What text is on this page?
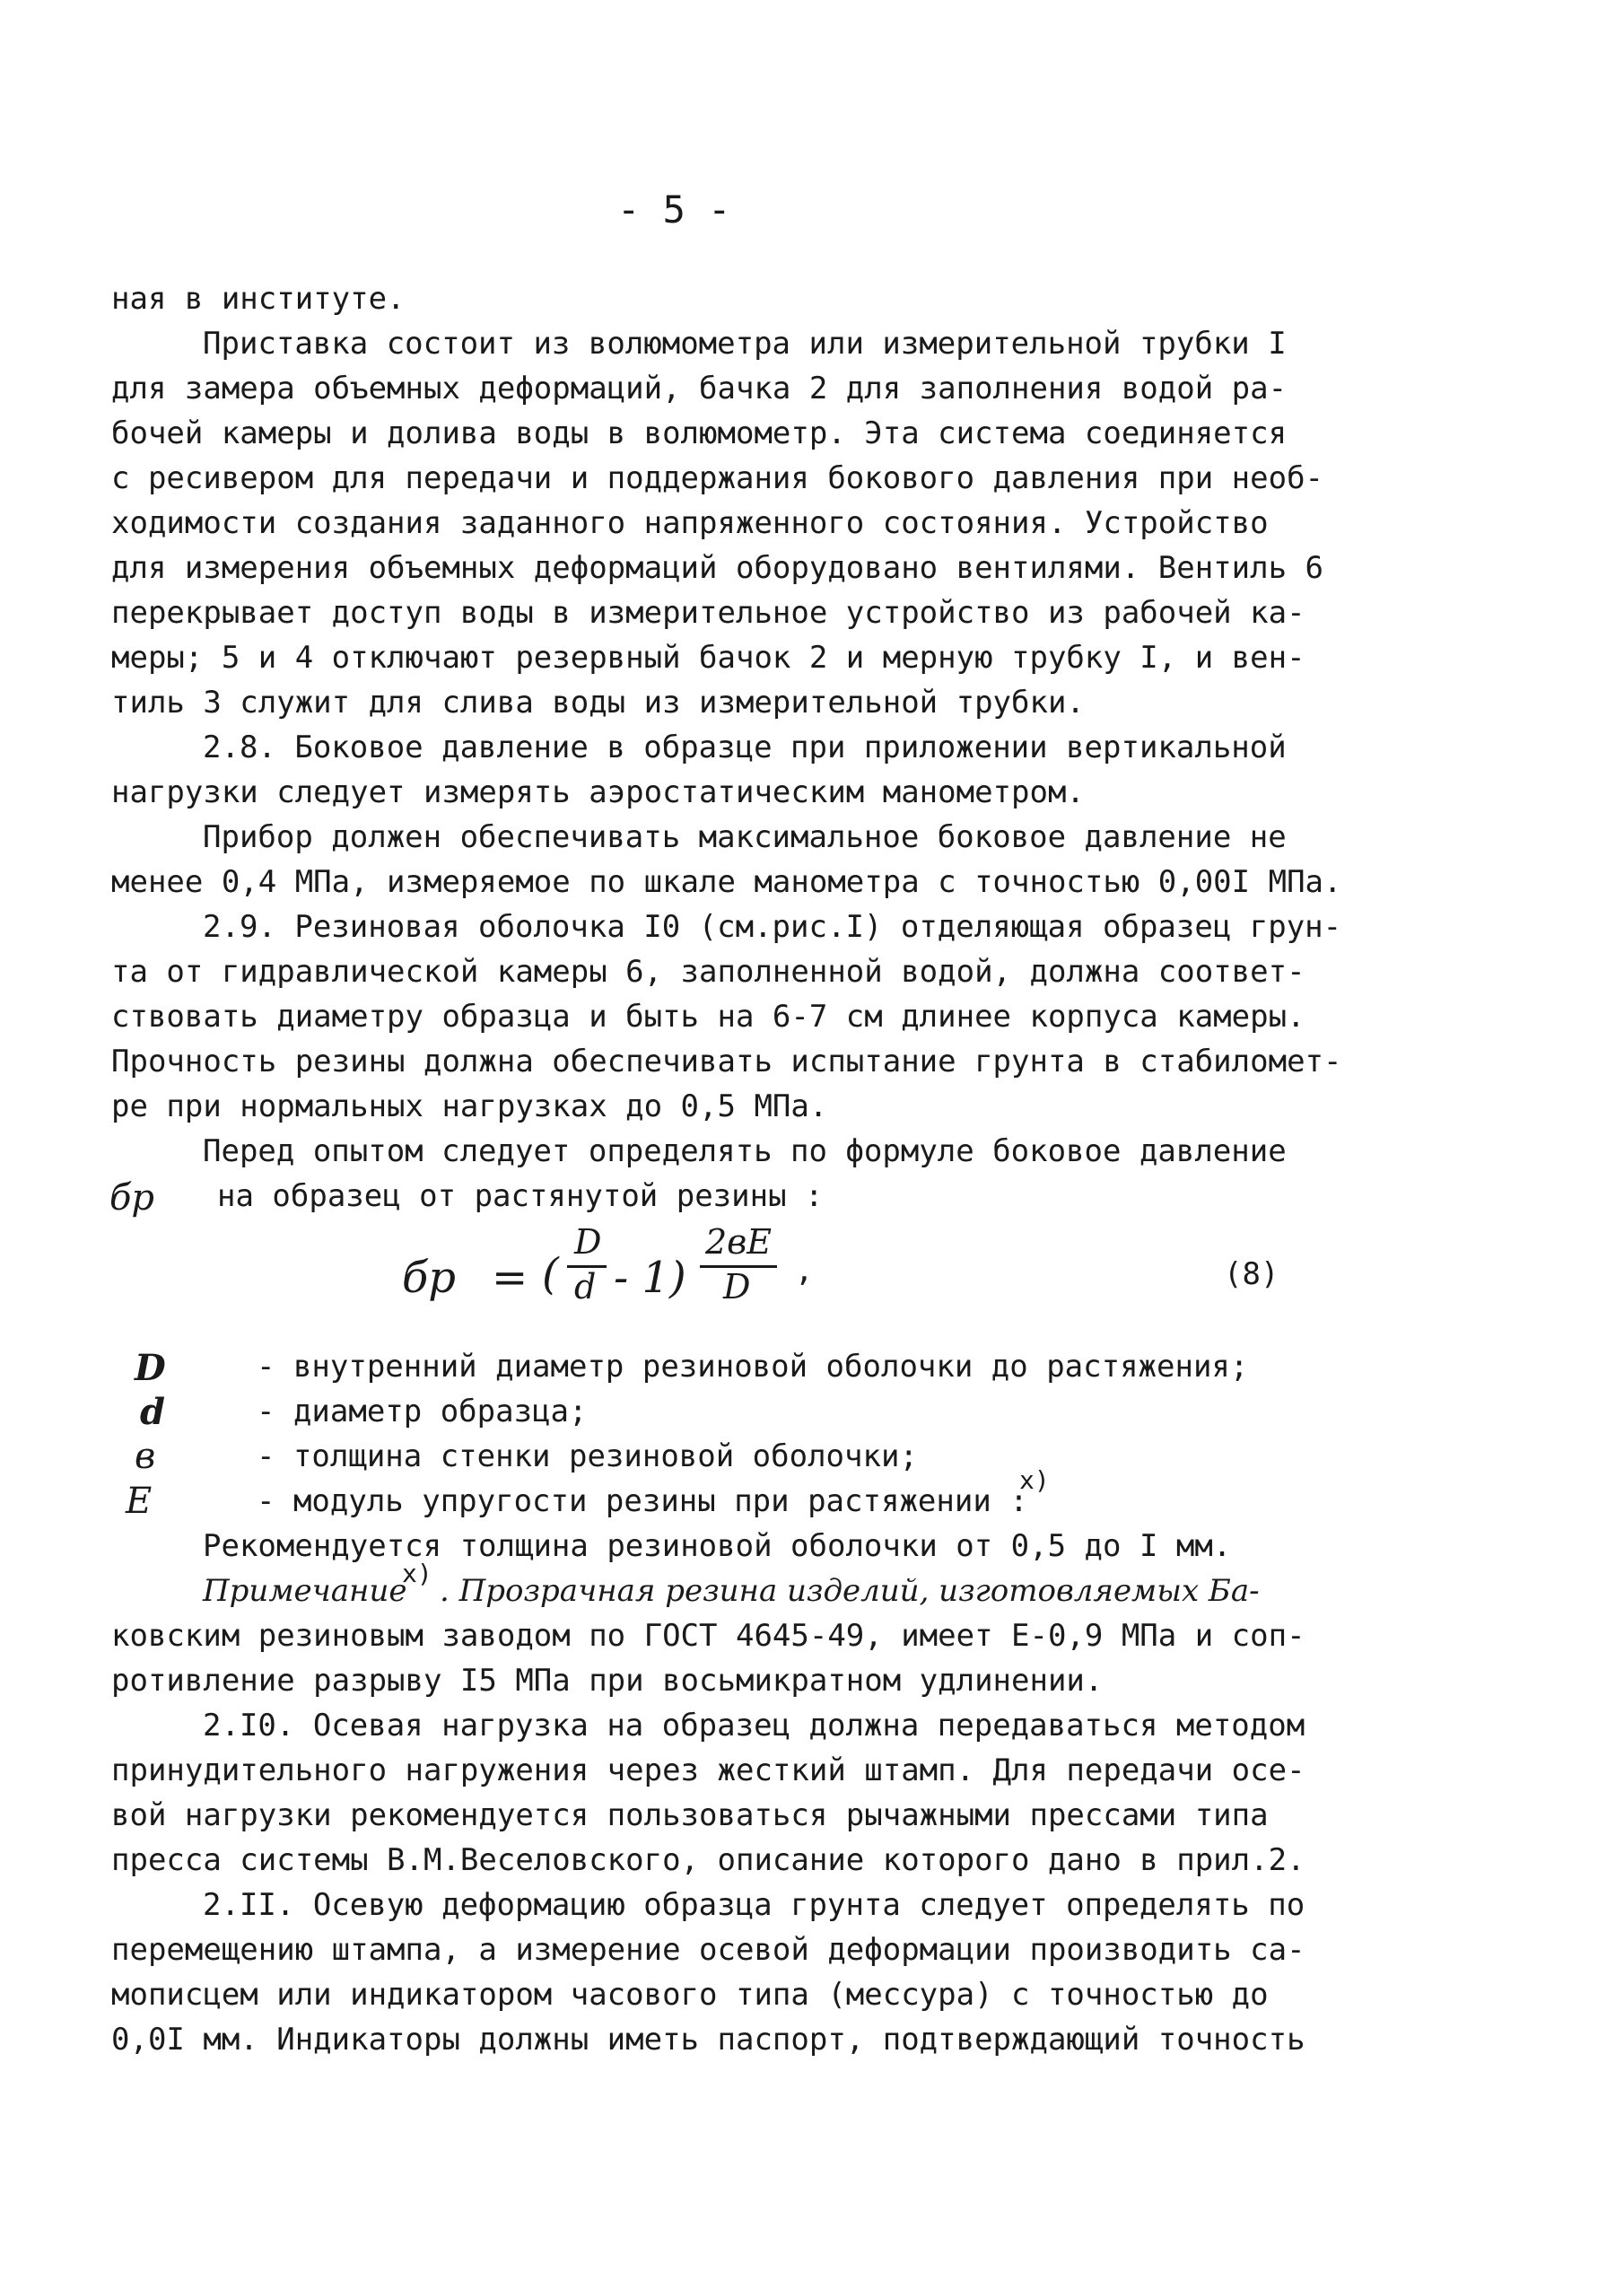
- 5 -
ная в институте.
Приставка состоит из волюмометра или измерительной трубки I
для замера объемных деформаций, бачка 2 для заполнения водой ра-
бочей камеры и долива воды в волюмометр. Эта система соединяется
с ресивером для передачи и поддержания бокового давления при необ-
ходимости создания заданного напряженного состояния. Устройство
для измерения объемных деформаций оборудовано вентилями. Вентиль 6
перекрывает доступ воды в измерительное устройство из рабочей ка-
меры; 5 и 4 отключают резервный бачок 2 и мерную трубку I, и вен-
тиль 3 служит для слива воды из измерительной трубки.
2.8. Боковое давление в образце при приложении вертикальной
нагрузки следует измерять аэростатическим манометром.
Прибор должен обеспечивать максимальное боковое давление не
менее 0,4 МПа, измеряемое по шкале манометра с точностью 0,00I МПа.
2.9. Резиновая оболочка I0 (см.рис.I) отделяющая образец грун-
та от гидравлической камеры 6, заполненной водой, должна соответ-
ствовать диаметру образца и быть на 6-7 см длинее корпуса камеры.
Прочность резины должна обеспечивать испытание грунта в стабиломет-
ре при нормальных нагрузках до 0,5 МПа.
Перед опытом следует определять по формуле боковое давление
бр на образец от растянутой резины :
бр = (
D
d - 1)
2вЕ
D ,	(8)
D	- внутренний диаметр резиновой оболочки до растяжения;
d	- диаметр образца;
в	- толщина стенки резиновой оболочки;
E	- модуль упругости резины при растяжении :
x)
Рекомендуется толщина резиновой оболочки от 0,5 до I мм.
Примечание
x) . Прозрачная резина изделий, изготовляемых Ба-
ковским резиновым заводом по ГОСТ 4645-49, имеет Е-0,9 МПа и соп-
ротивление разрыву I5 МПа при восьмикратном удлинении.
2.I0. Осевая нагрузка на образец должна передаваться методом
принудительного нагружения через жесткий штамп. Для передачи осе-
вой нагрузки рекомендуется пользоваться рычажными прессами типа
пресса системы В.М.Веселовского, описание которого дано в прил.2.
2.II. Осевую деформацию образца грунта следует определять по
перемещению штампа, а измерение осевой деформации производить са-
мописцем или индикатором часового типа (мессура) с точностью до
0,0I мм. Индикаторы должны иметь паспорт, подтверждающий точность
